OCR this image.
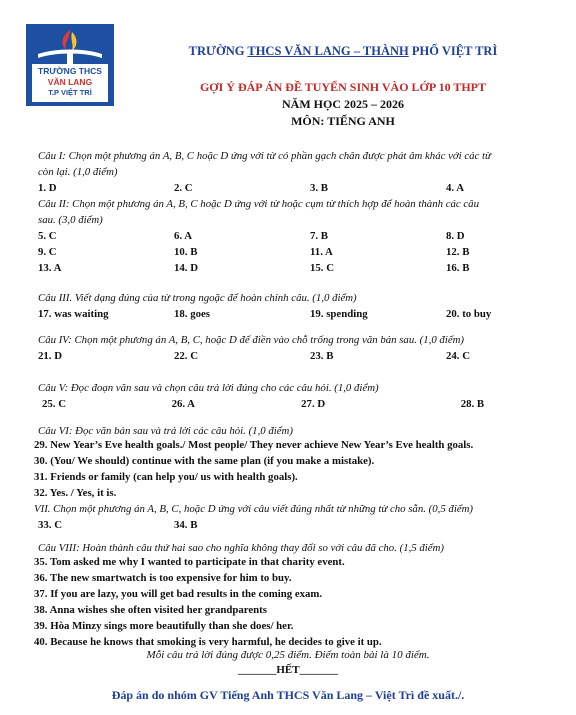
TRƯỜNG THCS
VĂN LANG
T.P VIỆT TRÌ
TRƯỜNG THCS VĂN LANG – THÀNH PHỐ VIỆT TRÌ
GỢI Ý ĐÁP ÁN ĐỀ TUYỂN SINH VÀO LỚP 10 THPT
NĂM HỌC 2025 – 2026
MÔN: TIẾNG ANH
Câu I: Chọn một phương án A, B, C hoặc D ứng với từ có phần gạch chân được phát âm khác với các từ
còn lại. (1,0 điểm)
1. D	2. C	3. B	4. A
Câu II: Chọn một phương án A, B, C hoặc D ứng với từ hoặc cụm từ thích hợp để hoàn thành các câu
sau. (3,0 điểm)
5. C	6. A	7. B	8. D
9. C	10. B	11. A	12. B
13. A	14. D	15. C	16. B
Câu III. Viết dạng đúng của từ trong ngoặc để hoàn chỉnh câu. (1,0 điểm)
17. was waiting	18. goes	19. spending	20. to buy
Câu IV: Chọn một phương án A, B, C, hoặc D để điền vào chỗ trống trong văn bản sau. (1,0 điểm)
21. D	22. C	23. B	24. C
Câu V: Đọc đoạn văn sau và chọn câu trả lời đúng cho các câu hỏi. (1,0 điểm)
25. C	26. A	27. D	28. B
Câu VI: Đọc văn bản sau và trả lời các câu hỏi. (1,0 điểm)
29. New Year’s Eve health goals./ Most people/ They never achieve New Year’s Eve health goals.
30. (You/ We should) continue with the same plan (if you make a mistake).
31. Friends or family (can help you/ us with health goals).
32. Yes. / Yes, it is.
VII. Chọn một phương án A, B, C, hoặc D ứng với câu viết đúng nhất từ những từ cho sẵn. (0,5 điểm)
33. C	34. B
Câu VIII: Hoàn thành câu thứ hai sao cho nghĩa không thay đổi so với câu đã cho. (1,5 điểm)
35. Tom asked me why I wanted to participate in that charity event.
36. The new smartwatch is too expensive for him to buy.
37. If you are lazy, you will get bad results in the coming exam.
38. Anna wishes she often visited her grandparents
39. Hòa Minzy sings more beautifully than she does/ her.
40. Because he knows that smoking is very harmful, he decides to give it up.
Mỗi câu trả lời đúng được 0,25 điểm. Điểm toàn bài là 10 điểm.
_______HẾT_______
Đáp án do nhóm GV Tiếng Anh THCS Văn Lang – Việt Trì đề xuất./.
